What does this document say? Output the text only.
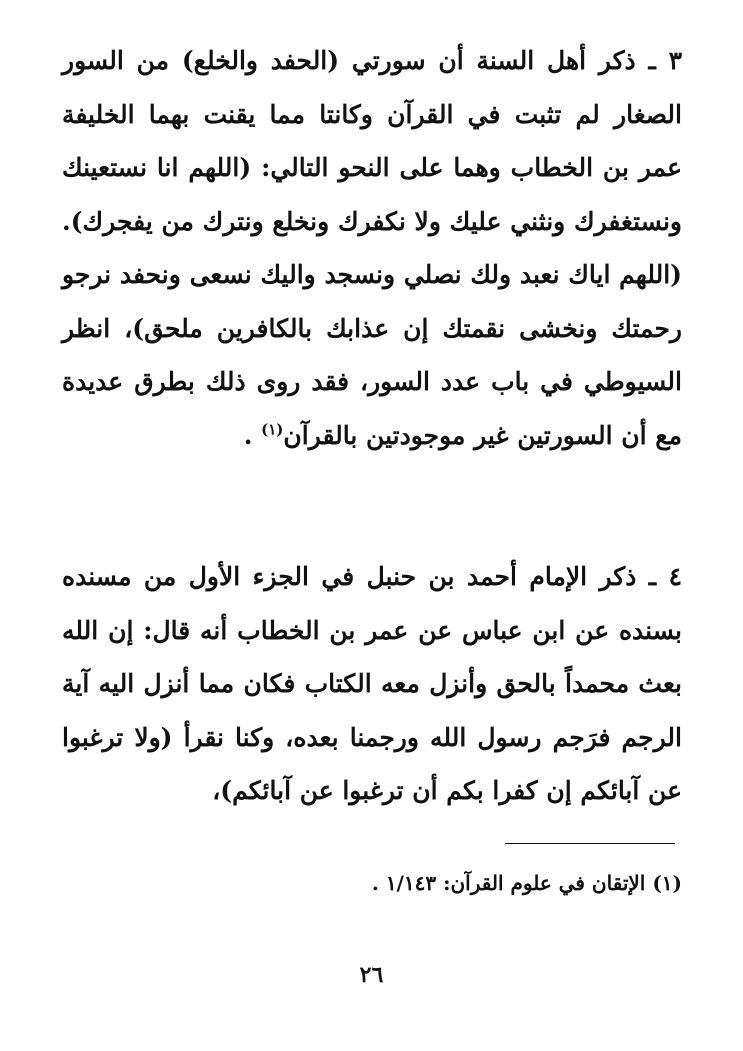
٣ ـ ذكر أهل السنة أن سورتي (الحفد والخلع) من السور الصغار لم تثبت في القرآن وكانتا مما يقنت بهما الخليفة عمر بن الخطاب وهما على النحو التالي: (اللهم انا نستعينك ونستغفرك ونثني عليك ولا نكفرك ونخلع ونترك من يفجرك). (اللهم اياك نعبد ولك نصلي ونسجد واليك نسعى ونحفد نرجو رحمتك ونخشى نقمتك إن عذابك بالكافرين ملحق)، انظر السيوطي في باب عدد السور، فقد روى ذلك بطرق عديدة مع أن السورتين غير موجودتين بالقرآن$^{(١)}$ .

٤ ـ ذكر الإمام أحمد بن حنبل في الجزء الأول من مسنده بسنده عن ابن عباس عن عمر بن الخطاب أنه قال: إن الله بعث محمداً بالحق وأنزل معه الكتاب فكان مما أنزل اليه آية الرجم فرَجم رسول الله ورجمنا بعده، وكنا نقرأ (ولا ترغبوا عن آبائكم إن كفرا بكم أن ترغبوا عن آبائكم)،

(١) الإتقان في علوم القرآن: ١/١٤٣ .
٢٦
